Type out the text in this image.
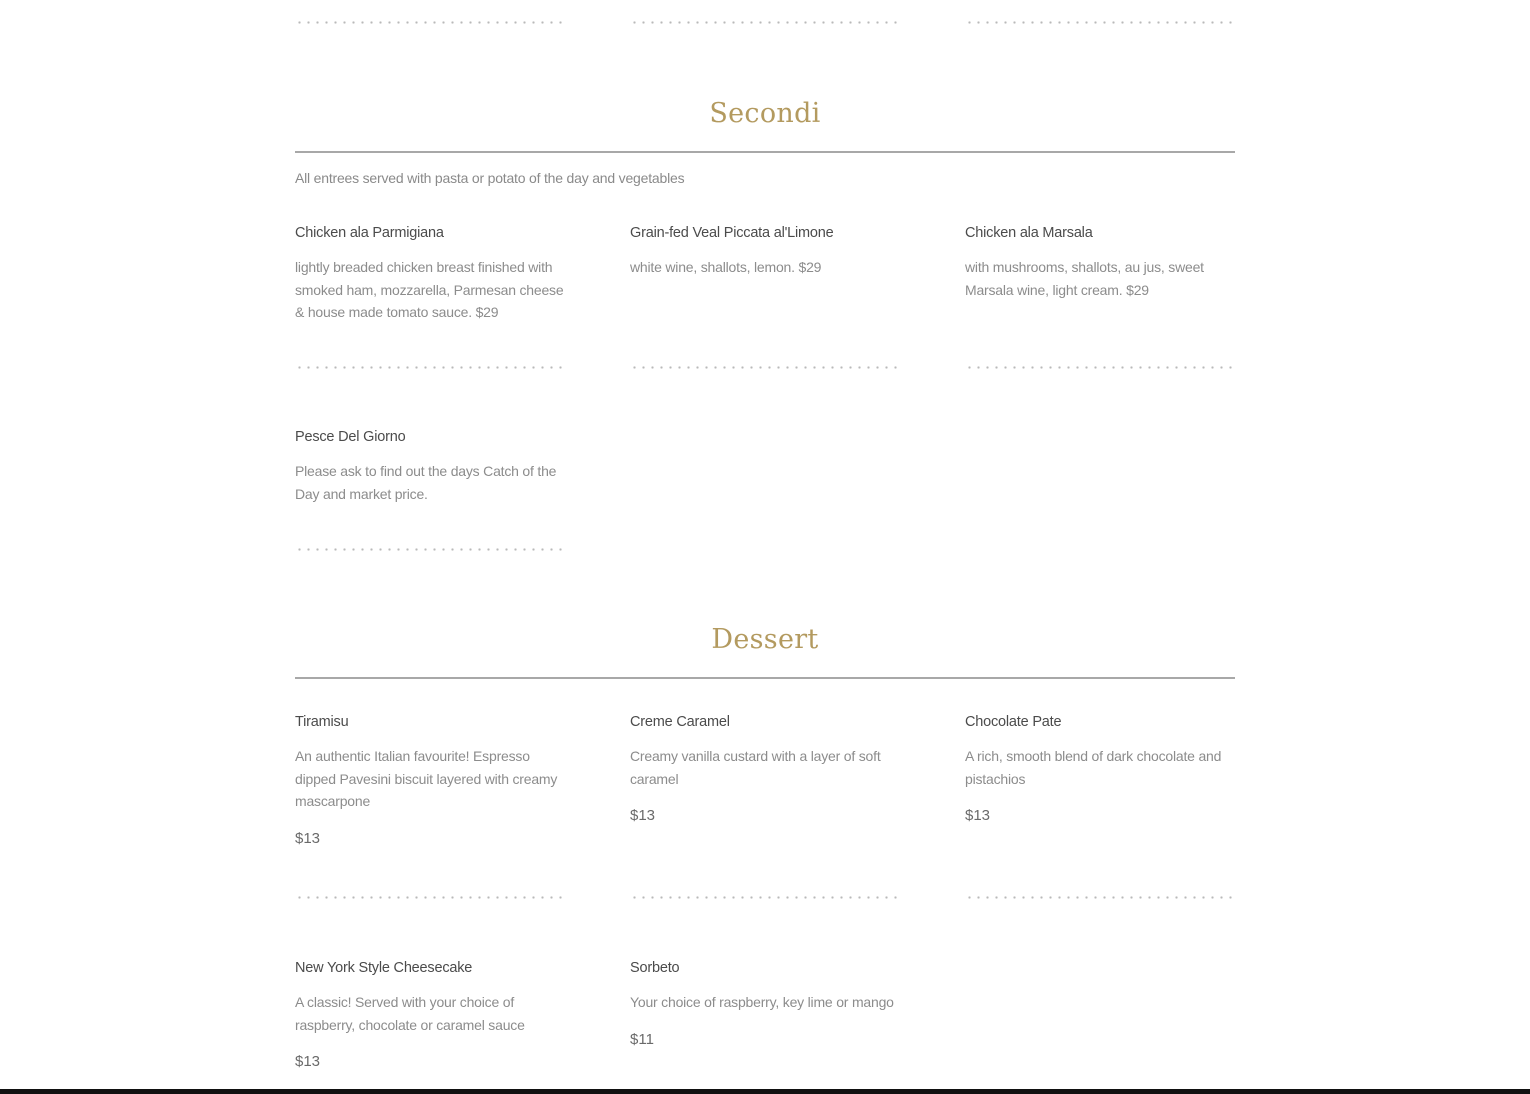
Secondi
All entrees served with pasta or potato of the day and vegetables
Chicken ala Parmigiana
lightly breaded chicken breast finished with smoked ham, mozzarella, Parmesan cheese & house made tomato sauce. $29
Grain-fed Veal Piccata al'Limone
white wine, shallots, lemon. $29
Chicken ala Marsala
with mushrooms, shallots, au jus, sweet Marsala wine, light cream. $29
Pesce Del Giorno
Please ask to find out the days Catch of the Day and market price.
Dessert
Tiramisu
An authentic Italian favourite! Espresso dipped Pavesini biscuit layered with creamy mascarpone
$13
Creme Caramel
Creamy vanilla custard with a layer of soft caramel
$13
Chocolate Pate
A rich, smooth blend of dark chocolate and pistachios
$13
New York Style Cheesecake
A classic! Served with your choice of raspberry, chocolate or caramel sauce
$13
Sorbeto
Your choice of raspberry, key lime or mango
$11
